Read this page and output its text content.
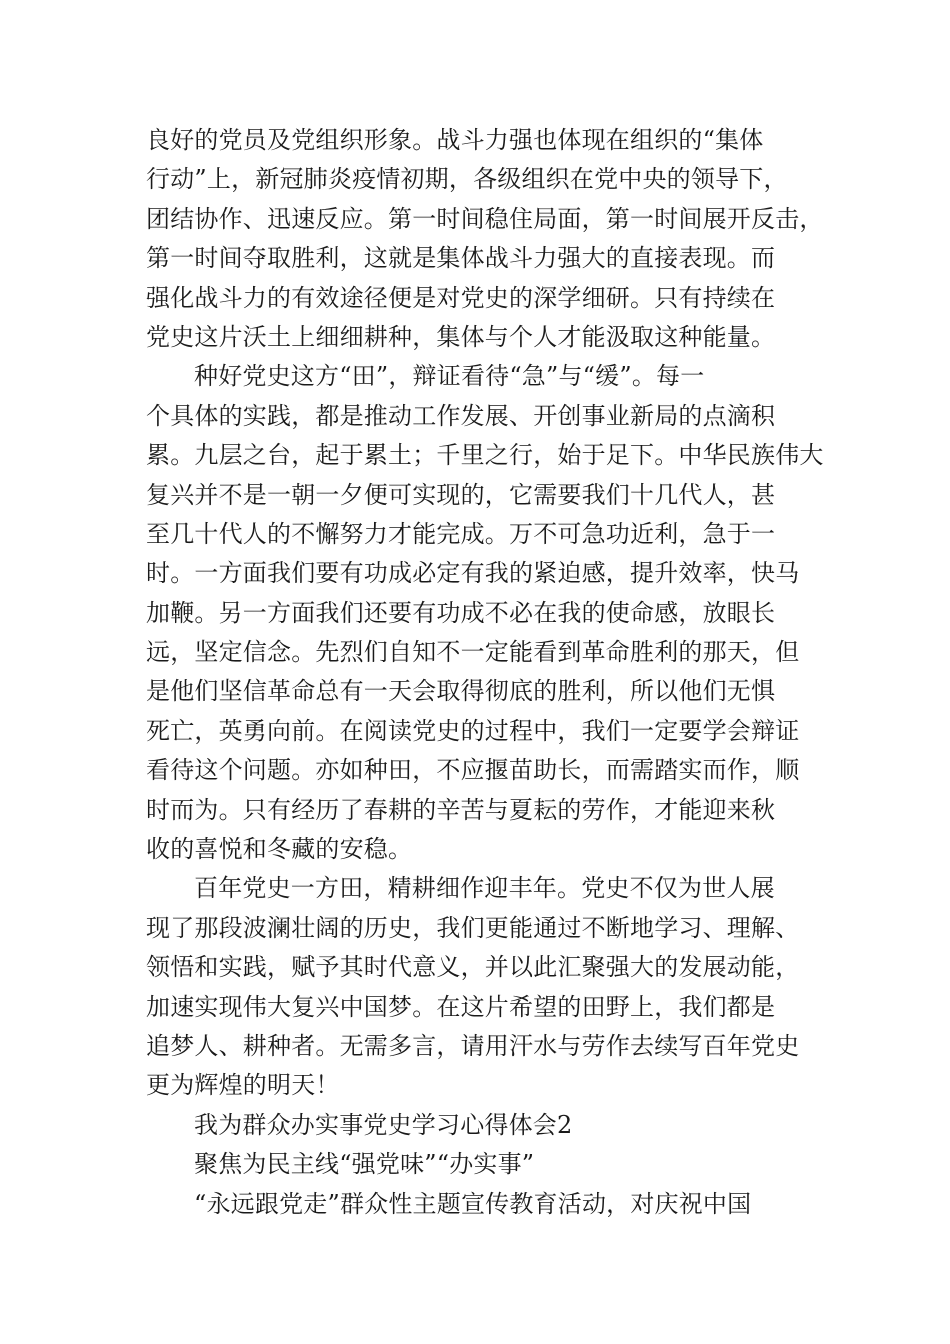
良好的党员及党组织形象。战斗力强也体现在组织的“集体
行动”上，新冠肺炎疫情初期，各级组织在党中央的领导下，
团结协作、迅速反应。第一时间稳住局面，第一时间展开反击，
第一时间夺取胜利，这就是集体战斗力强大的直接表现。而
强化战斗力的有效途径便是对党史的深学细研。只有持续在
党史这片沃土上细细耕种，集体与个人才能汲取这种能量。
种好党史这方“田”，辩证看待“急”与“缓”。每一
个具体的实践，都是推动工作发展、开创事业新局的点滴积
累。九层之台，起于累土；千里之行，始于足下。中华民族伟大
复兴并不是一朝一夕便可实现的，它需要我们十几代人，甚
至几十代人的不懈努力才能完成。万不可急功近利，急于一
时。一方面我们要有功成必定有我的紧迫感，提升效率，快马
加鞭。另一方面我们还要有功成不必在我的使命感，放眼长
远，坚定信念。先烈们自知不一定能看到革命胜利的那天，但
是他们坚信革命总有一天会取得彻底的胜利，所以他们无惧
死亡，英勇向前。在阅读党史的过程中，我们一定要学会辩证
看待这个问题。亦如种田，不应揠苗助长，而需踏实而作，顺
时而为。只有经历了春耕的辛苦与夏耘的劳作，才能迎来秋
收的喜悦和冬藏的安稳。
百年党史一方田，精耕细作迎丰年。党史不仅为世人展
现了那段波澜壮阔的历史，我们更能通过不断地学习、理解、
领悟和实践，赋予其时代意义，并以此汇聚强大的发展动能，
加速实现伟大复兴中国梦。在这片希望的田野上，我们都是
追梦人、耕种者。无需多言，请用汗水与劳作去续写百年党史
更为辉煌的明天！
我为群众办实事党史学习心得体会2
聚焦为民主线“强党味”“办实事”
“永远跟党走”群众性主题宣传教育活动，对庆祝中国
